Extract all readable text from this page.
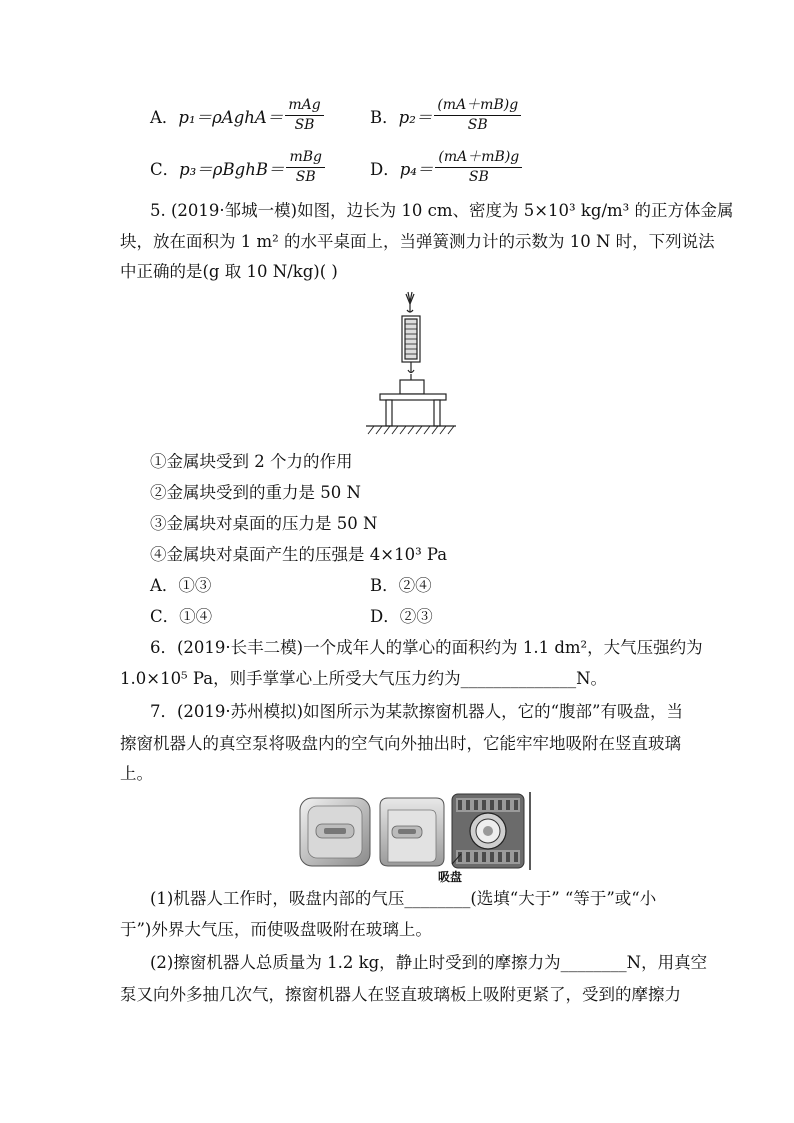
A． p₁＝ρAghA＝ $\frac{\text{mAg}}{SB}$	B． $p_2= \frac{(mA+mB)g}{SB}$
C． p₃＝ρBghB＝ $\frac{\text{mBg}}{SB}$	D． $p_4= \frac{(mA+mB)g}{SB}$
5. (2019·邹城一模)如图，边长为 10 cm、密度为 5×10³ kg/m³ 的正方体金属
块，放在面积为 1 m² 的水平桌面上，当弹簧测力计的示数为 10 N 时，下列说法
中正确的是(g 取 10 N/kg)( )
①金属块受到 2 个力的作用
②金属块受到的重力是 50 N
③金属块对桌面的压力是 50 N
④金属块对桌面产生的压强是 4×10³ Pa
A．①③	B．②④
C．①④	D．②③
6．(2019·长丰二模)一个成年人的掌心的面积约为 1.1 dm²，大气压强约为
1.0×10⁵ Pa，则手掌掌心上所受大气压力约为______________N。
7．(2019·苏州模拟)如图所示为某款擦窗机器人，它的“腹部”有吸盘，当
擦窗机器人的真空泵将吸盘内的空气向外抽出时，它能牢牢地吸附在竖直玻璃
上。
吸盘
(1)机器人工作时，吸盘内部的气压________(选填“大于” “等于”或“小
于”)外界大气压，而使吸盘吸附在玻璃上。
(2)擦窗机器人总质量为 1.2 kg，静止时受到的摩擦力为________N，用真空
泵又向外多抽几次气，擦窗机器人在竖直玻璃板上吸附更紧了，受到的摩擦力
